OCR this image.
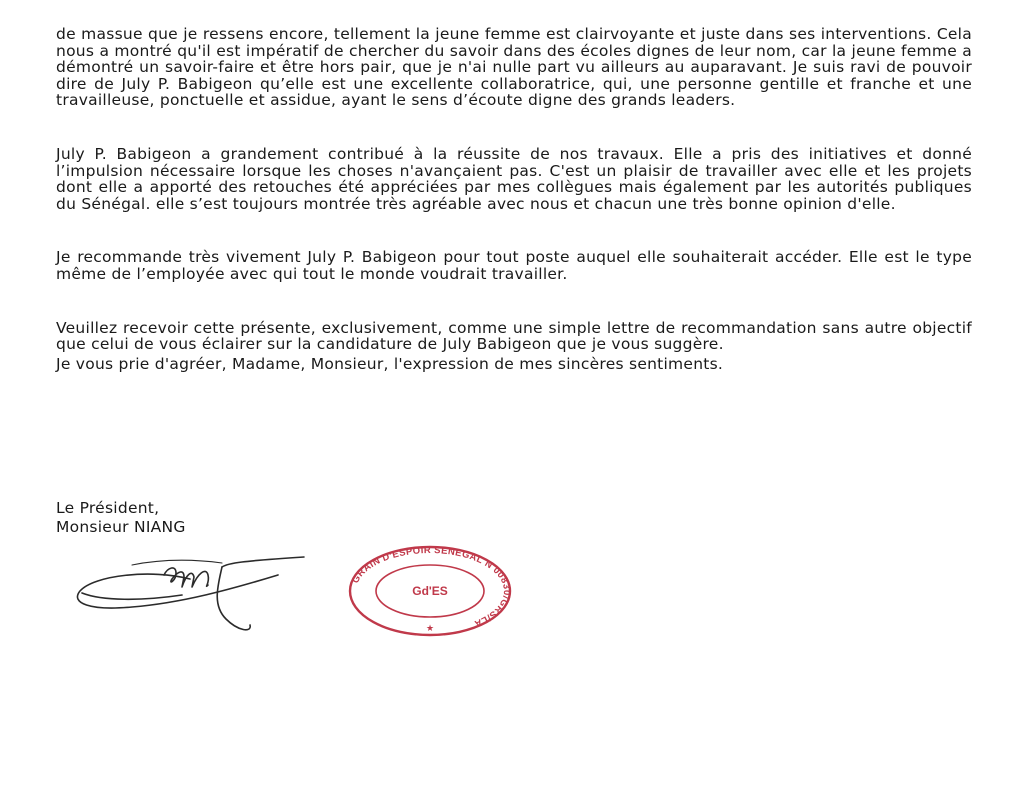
de massue que je ressens encore, tellement la jeune femme est clairvoyante et juste dans ses interventions. Cela nous a montré qu'il est impératif de chercher du savoir dans des écoles dignes de leur nom, car la jeune femme a démontré un savoir-faire et être hors pair, que je n'ai nulle part vu ailleurs au auparavant. Je suis ravi de pouvoir dire de July P. Babigeon qu’elle est une excellente collaboratrice, qui, une personne gentille et franche et une travailleuse, ponctuelle et assidue, ayant le sens d’écoute digne des grands leaders.

July P. Babigeon a grandement contribué à la réussite de nos travaux. Elle a pris des initiatives et donné l’impulsion nécessaire lorsque les choses n'avançaient pas. C'est un plaisir de travailler avec elle et les projets dont elle a apporté des retouches été appréciées par mes collègues mais également par les autorités publiques du Sénégal. elle s’est toujours montrée très agréable avec nous et chacun une très bonne opinion d'elle.

Je recommande très vivement July P. Babigeon pour tout poste auquel elle souhaiterait accéder. Elle est le type même de l’employée avec qui tout le monde voudrait travailler.

Veuillez recevoir cette présente, exclusivement, comme une simple lettre de recommandation sans autre objectif que celui de vous éclairer sur la candidature de July Babigeon que je vous suggère.

Je vous prie d'agréer, Madame, Monsieur, l'expression de mes sincères sentiments.

Le Président,
Monsieur NIANG
GRAIN D'ESPOIR SENEGAL N 00830/GRS/LA
Gd'ES
★
